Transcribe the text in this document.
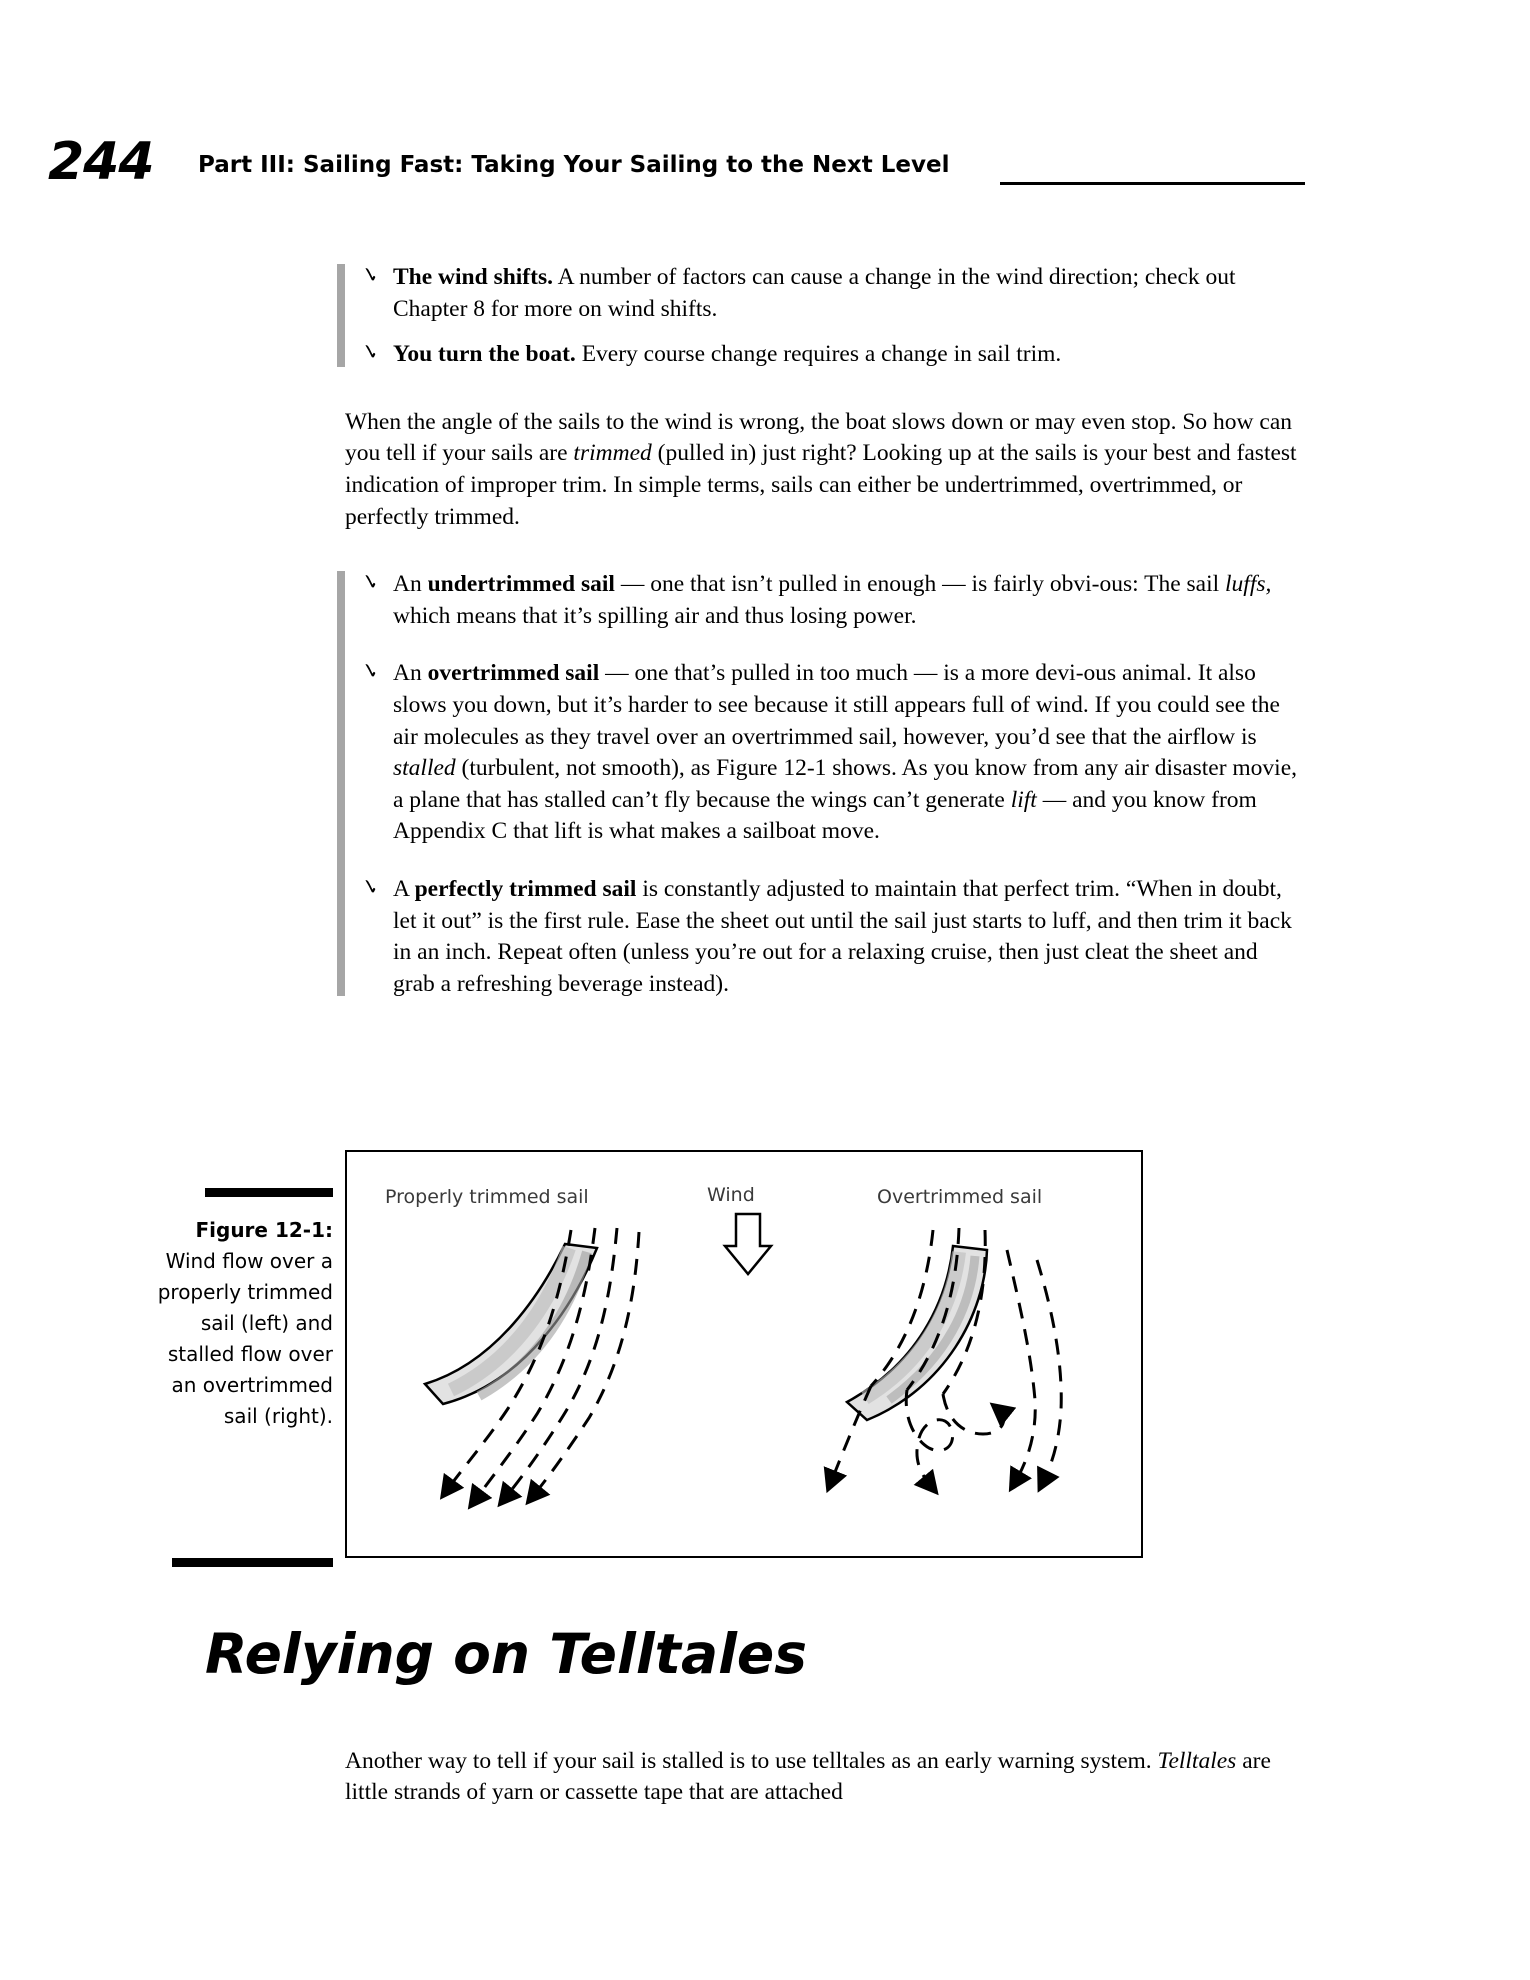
244 Part III: Sailing Fast: Taking Your Sailing to the Next Level
✓ The wind shifts. A number of factors can cause a change in the wind direction; check out Chapter 8 for more on wind shifts.
✓ You turn the boat. Every course change requires a change in sail trim.

When the angle of the sails to the wind is wrong, the boat slows down or may even stop. So how can you tell if your sails are trimmed (pulled in) just right? Looking up at the sails is your best and fastest indication of improper trim. In simple terms, sails can either be undertrimmed, overtrimmed, or perfectly trimmed.

✓ An undertrimmed sail — one that isn’t pulled in enough — is fairly obvi-ous: The sail luffs, which means that it’s spilling air and thus losing power.
✓ An overtrimmed sail — one that’s pulled in too much — is a more devi-ous animal. It also slows you down, but it’s harder to see because it still appears full of wind. If you could see the air molecules as they travel over an overtrimmed sail, however, you’d see that the airflow is stalled (turbulent, not smooth), as Figure 12-1 shows. As you know from any air disaster movie, a plane that has stalled can’t fly because the wings can’t generate lift — and you know from Appendix C that lift is what makes a sailboat move.
✓ A perfectly trimmed sail is constantly adjusted to maintain that perfect trim. “When in doubt, let it out” is the first rule. Ease the sheet out until the sail just starts to luff, and then trim it back in an inch. Repeat often (unless you’re out for a relaxing cruise, then just cleat the sheet and grab a refreshing beverage instead).
Figure 12-1: Wind flow over a properly trimmed sail (left) and stalled flow over an overtrimmed sail (right).
Properly trimmed sail	Wind	Overtrimmed sail
Relying on Telltales

Another way to tell if your sail is stalled is to use telltales as an early warning system. Telltales are little strands of yarn or cassette tape that are attached
